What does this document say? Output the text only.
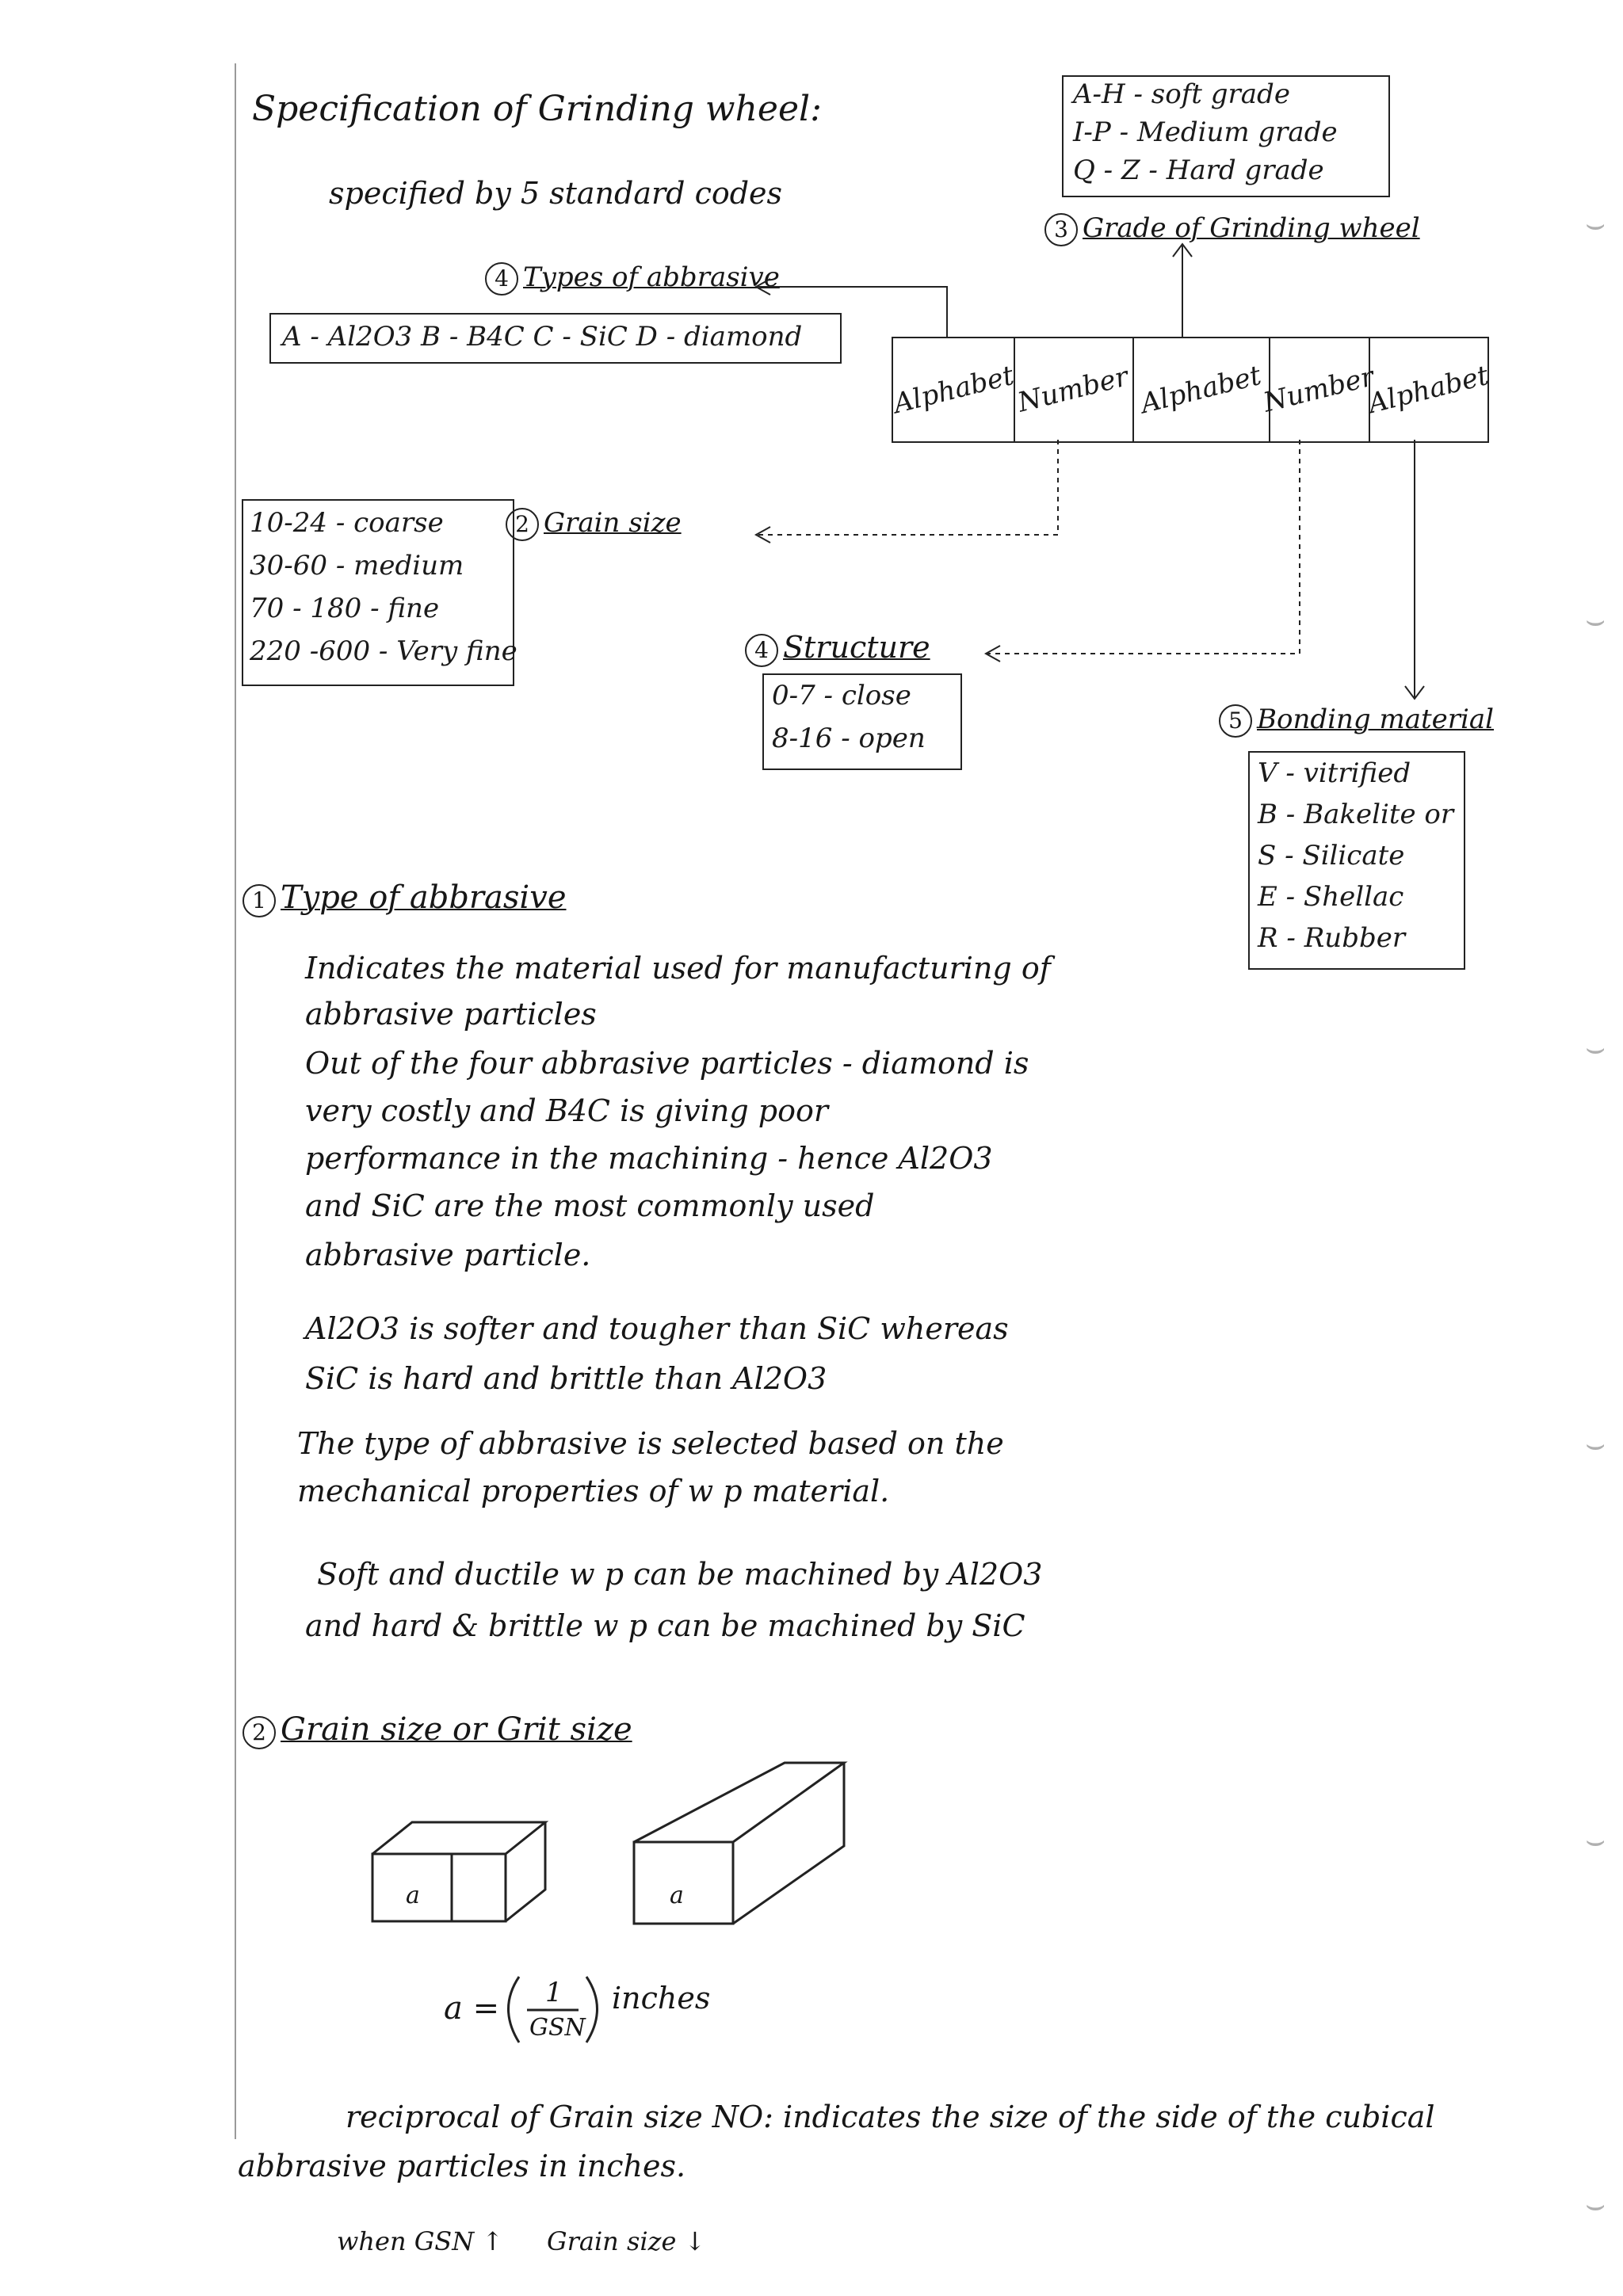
Specification of Grinding wheel:
specified by 5 standard codes
A-H - soft grade
I-P - Medium grade
Q - Z - Hard grade
3 Grade of Grinding wheel
4 Types of abbrasive
A - Al2O3 B - B4C C - SiC D - diamond
Alphabet
Number Alphabet
Number
Alphabet
10-24 - coarse
30-60 - medium
70 - 180 - fine
220 -600 - Very fine
2 Grain size
4 Structure
0-7 - close
8-16 - open
5 Bonding material
V - vitrified
B - Bakelite or
S - Silicate
E - Shellac
R - Rubber
1 Type of abbrasive
Indicates the material used for manufacturing of
abbrasive particles
Out of the four abbrasive particles - diamond is
very costly and B4C is giving poor
performance in the machining - hence Al2O3
and SiC are the most commonly used
abbrasive particle.
Al2O3 is softer and tougher than SiC whereas
SiC is hard and brittle than Al2O3
The type of abbrasive is selected based on the
mechanical properties of w p material.
Soft and ductile w p can be machined by Al2O3
and hard & brittle w p can be machined by SiC
2 Grain size or Grit size
a	a
a = 1
GSN
inches
reciprocal of Grain size NO: indicates the size of the side of the cubical
abbrasive particles in inches.
when GSN ↑ Grain size ↓
⌣
⌣
⌣
⌣
⌣
⌣
